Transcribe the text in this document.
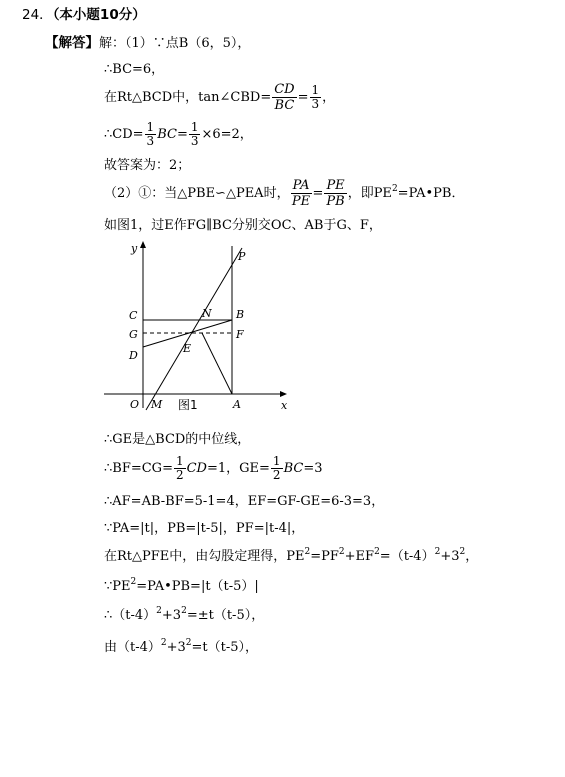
24．（本小题10分）
【解答】解：（1）∵点B（6，5），
∴BC=6，
在Rt△BCD中，tan∠CBD= $\frac{CD}{BC} = \frac{1}{3}$ ，
∴CD= $\frac{1}{3} BC= \frac{1}{3} \times 6=2$，
故答案为：2；
（2）①：当△PBE∽△PEA时， $\frac{PA}{PE} = \frac{PE}{PB}$ ，即$PE^2=PA•PB$．
如图1，过E作FG∥BC分别交OC、AB于G、F，
y
x
P
C	N B
G	F
E
D
O M	A
图1
∴GE是△BCD的中位线，
∴BF=CG= $\frac{1}{2} CD=1$，$GE= \frac{1}{2} BC=3$
∴AF=AB-BF=5-1=4，EF=GF-GE=6-3=3，
∵PA=|t|，PB=|t-5|，PF=|t-4|，
在Rt△PFE中，由勾股定理得，$PE^2=PF^2+EF^2=(t-4)^2+3^2$，
$\because PE^2=PA•PB=|t(t-5)|$
$\therefore(t-4)^2+3^2=\pm t(t-5)$，
由$(t-4)^2+3^2=t(t-5)$，
